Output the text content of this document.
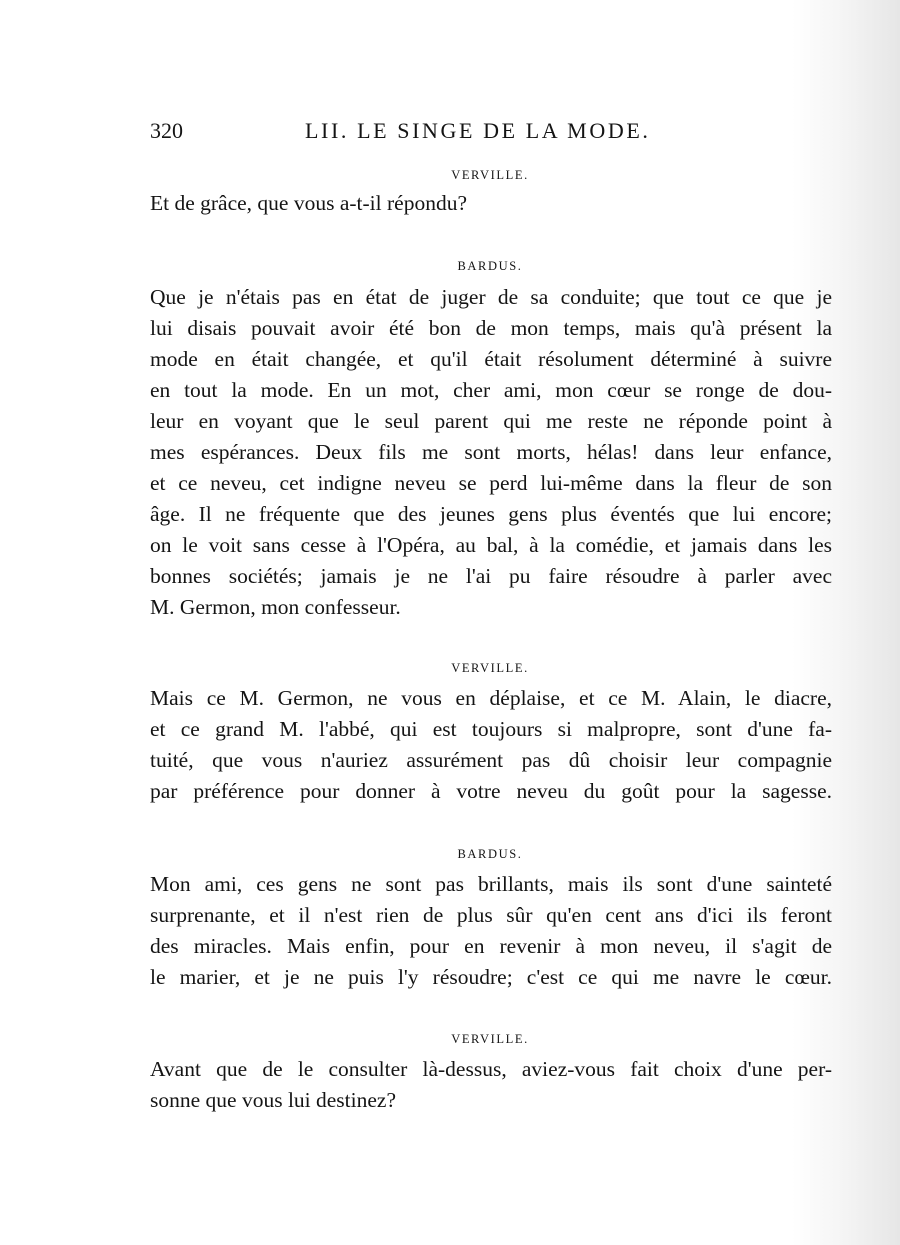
320	LII. LE SINGE DE LA MODE.
VERVILLE.
Et de grâce, que vous a-t-il répondu?
BARDUS.
Que je n'étais pas en état de juger de sa conduite; que tout ce que je
lui disais pouvait avoir été bon de mon temps, mais qu'à présent la
mode en était changée, et qu'il était résolument déterminé à suivre
en tout la mode. En un mot, cher ami, mon cœur se ronge de dou-
leur en voyant que le seul parent qui me reste ne réponde point à
mes espérances. Deux fils me sont morts, hélas! dans leur enfance,
et ce neveu, cet indigne neveu se perd lui-même dans la fleur de son
âge. Il ne fréquente que des jeunes gens plus éventés que lui encore;
on le voit sans cesse à l'Opéra, au bal, à la comédie, et jamais dans les
bonnes sociétés; jamais je ne l'ai pu faire résoudre à parler avec
M. Germon, mon confesseur.
VERVILLE.
Mais ce M. Germon, ne vous en déplaise, et ce M. Alain, le diacre,
et ce grand M. l'abbé, qui est toujours si malpropre, sont d'une fa-
tuité, que vous n'auriez assurément pas dû choisir leur compagnie
par préférence pour donner à votre neveu du goût pour la sagesse.
BARDUS.
Mon ami, ces gens ne sont pas brillants, mais ils sont d'une sainteté
surprenante, et il n'est rien de plus sûr qu'en cent ans d'ici ils feront
des miracles. Mais enfin, pour en revenir à mon neveu, il s'agit de
le marier, et je ne puis l'y résoudre; c'est ce qui me navre le cœur.
VERVILLE.
Avant que de le consulter là-dessus, aviez-vous fait choix d'une per-
sonne que vous lui destinez?
